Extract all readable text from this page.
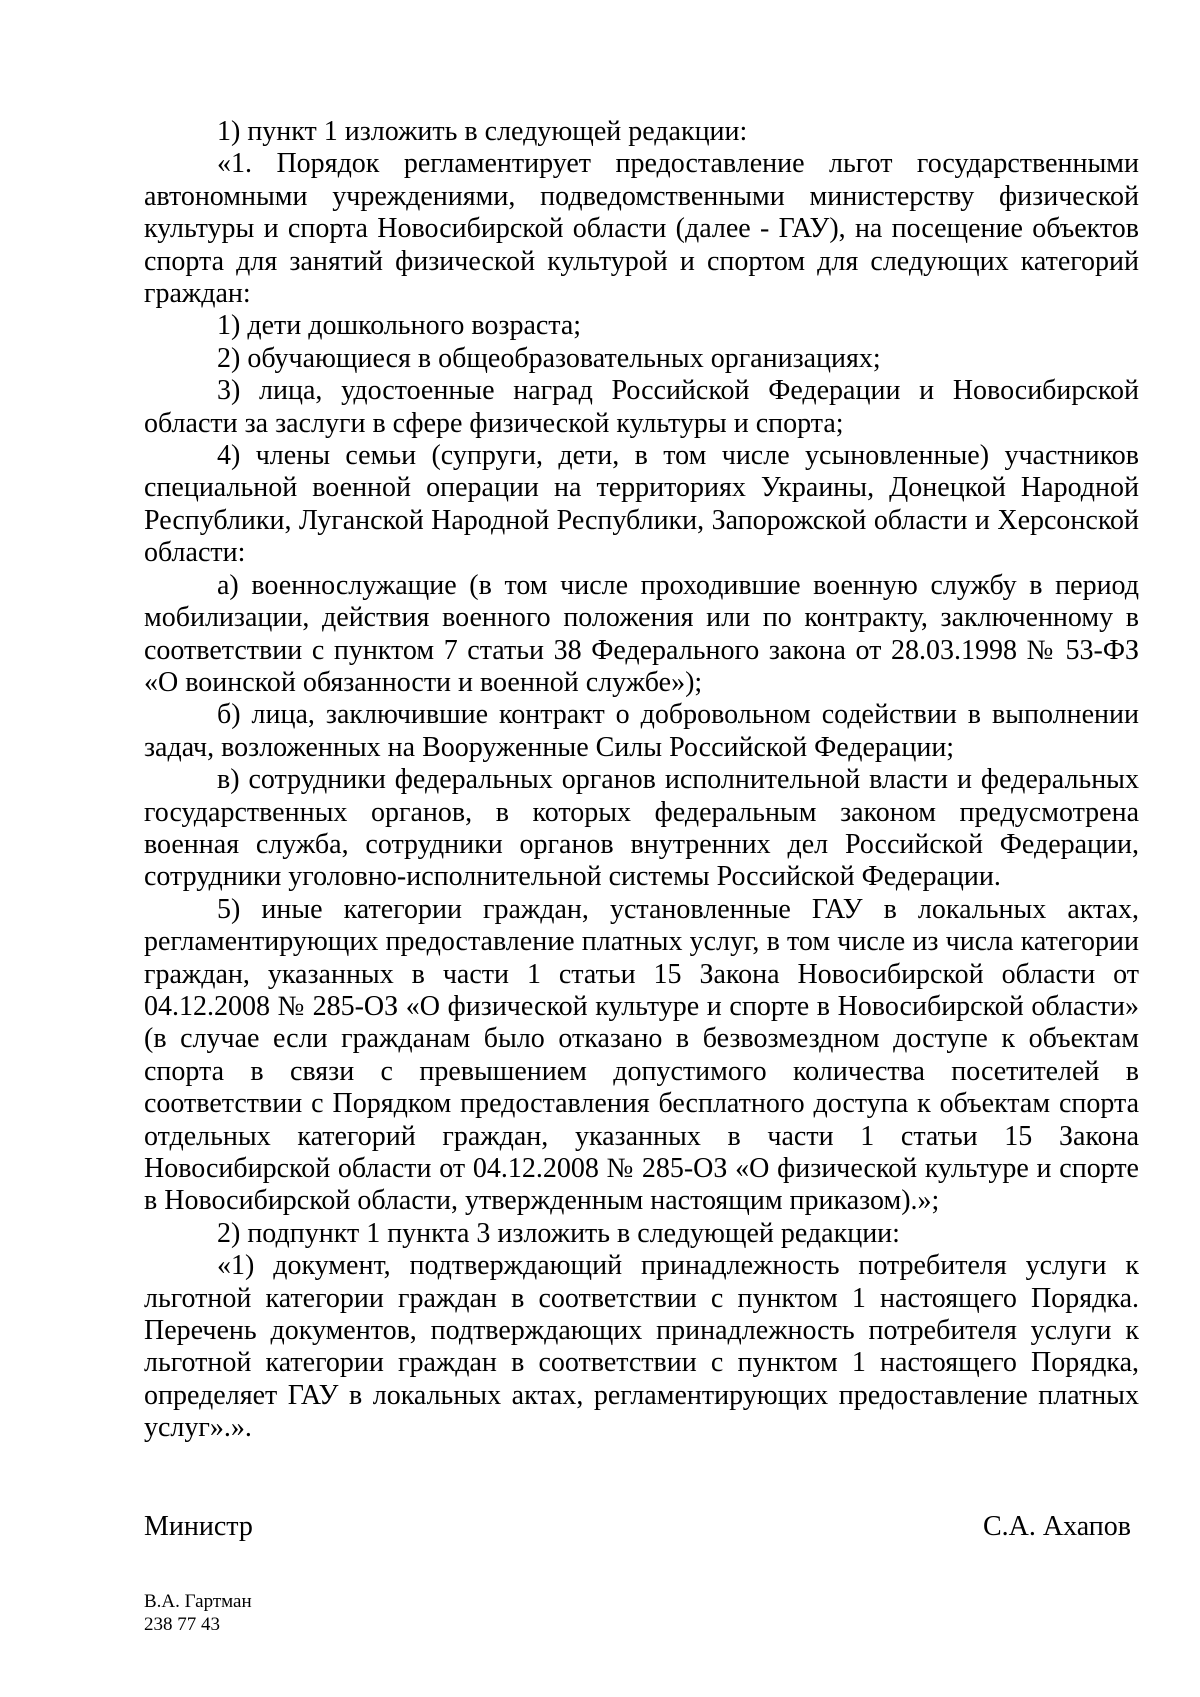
1) пункт 1 изложить в следующей редакции:

«1. Порядок регламентирует предоставление льгот государственными автономными учреждениями, подведомственными министерству физической культуры и спорта Новосибирской области (далее - ГАУ), на посещение объектов спорта для занятий физической культурой и спортом для следующих категорий граждан:

1) дети дошкольного возраста;

2) обучающиеся в общеобразовательных организациях;

3) лица, удостоенные наград Российской Федерации и Новосибирской области за заслуги в сфере физической культуры и спорта;

4) члены семьи (супруги, дети, в том числе усыновленные) участников специальной военной операции на территориях Украины, Донецкой Народной Республики, Луганской Народной Республики, Запорожской области и Херсонской области:

а) военнослужащие (в том числе проходившие военную службу в период мобилизации, действия военного положения или по контракту, заключенному в соответствии с пунктом 7 статьи 38 Федерального закона от 28.03.1998 № 53-ФЗ «О воинской обязанности и военной службе»);

б) лица, заключившие контракт о добровольном содействии в выполнении задач, возложенных на Вооруженные Силы Российской Федерации;

в) сотрудники федеральных органов исполнительной власти и федеральных государственных органов, в которых федеральным законом предусмотрена военная служба, сотрудники органов внутренних дел Российской Федерации, сотрудники уголовно-исполнительной системы Российской Федерации.

5) иные категории граждан, установленные ГАУ в локальных актах, регламентирующих предоставление платных услуг, в том числе из числа категории граждан, указанных в части 1 статьи 15 Закона Новосибирской области от 04.12.2008 № 285-ОЗ «О физической культуре и спорте в Новосибирской области» (в случае если гражданам было отказано в безвозмездном доступе к объектам спорта в связи с превышением допустимого количества посетителей в соответствии с Порядком предоставления бесплатного доступа к объектам спорта отдельных категорий граждан, указанных в части 1 статьи 15 Закона Новосибирской области от 04.12.2008 № 285-ОЗ «О физической культуре и спорте в Новосибирской области, утвержденным настоящим приказом).»;

2) подпункт 1 пункта 3 изложить в следующей редакции:

«1) документ, подтверждающий принадлежность потребителя услуги к льготной категории граждан в соответствии с пунктом 1 настоящего Порядка. Перечень документов, подтверждающих принадлежность потребителя услуги к льготной категории граждан в соответствии с пунктом 1 настоящего Порядка, определяет ГАУ в локальных актах, регламентирующих предоставление платных услуг».».

Министр	С.А. Ахапов
В.А. Гартман
238 77 43
